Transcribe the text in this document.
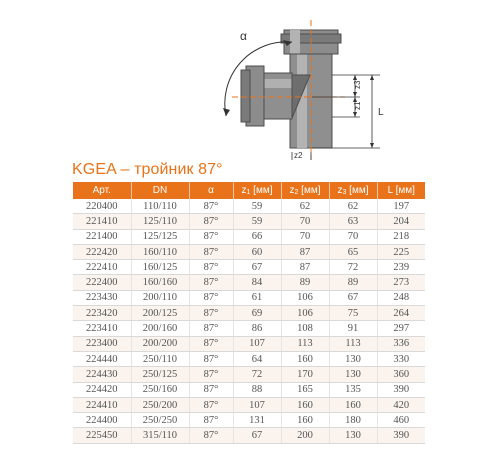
α
z3
z1
L
z2
KGEA – тройник 87°
Арт.	DN	α	z1 [мм]	z2 [мм]	z3 [мм]	L [мм]
220400	110/110	87°	59	62	62	197
221410	125/110	87°	59	70	63	204
221400	125/125	87°	66	70	70	218
222420	160/110	87°	60	87	65	225
222410	160/125	87°	67	87	72	239
222400	160/160	87°	84	89	89	273
223430	200/110	87°	61	106	67	248
223420	200/125	87°	69	106	75	264
223410	200/160	87°	86	108	91	297
223400	200/200	87°	107	113	113	336
224440	250/110	87°	64	160	130	330
224430	250/125	87°	72	170	130	360
224420	250/160	87°	88	165	135	390
224410	250/200	87°	107	160	160	420
224400	250/250	87°	131	160	180	460
225450	315/110	87°	67	200	130	390
